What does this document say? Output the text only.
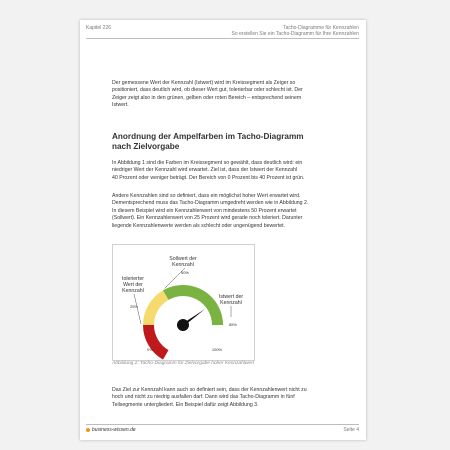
Kapitel 226	Tacho-Diagramme für Kennzahlen
So erstellen Sie ein Tacho-Diagramm für Ihre Kennzahlen
Der gemessene Wert der Kennzahl (Istwert) wird im Kreissegment als Zeiger so
positioniert, dass deutlich wird, ob dieser Wert gut, tolerierbar oder schlecht ist. Der
Zeiger zeigt also in den grünen, gelben oder roten Bereich – entsprechend seinem
Istwert.
Anordnung der Ampelfarben im Tacho-Diagramm
nach Zielvorgabe
In Abbildung 1 sind die Farben im Kreissegment so gewählt, dass deutlich wird: ein
niedriger Wert der Kennzahl wird erwartet. Ziel ist, dass der Istwert der Kennzahl
40 Prozent oder weniger beträgt. Der Bereich von 0 Prozent bis 40 Prozent ist grün.
Andere Kennzahlen sind so definiert, dass ein möglichst hoher Wert erwartet wird.
Dementsprechend muss das Tacho-Diagramm umgedreht werden wie in Abbildung 2.
In diesem Beispiel wird ein Kennzahlenwert von mindestens 50 Prozent erwartet
(Sollwert). Ein Kennzahlenwert von 25 Prozent wird gerade noch toleriert. Darunter
liegende Kennzahlenwerte werden als schlecht oder ungenügend bewertet.
Sollwert der
Kennzahl
50%
tolerierter
Wert der
Kennzahl
25%
Istwert der
Kennzahl
85%
0%	100%
Abbildung 2: Tacho-Diagramm für Zielvorgabe hoher Kennzahlwert
Das Ziel zur Kennzahl kann auch so definiert sein, dass der Kennzahlenwert nicht zu
hoch und nicht zu niedrig ausfallen darf. Dann wird das Tacho-Diagramm in fünf
Teilsegmente untergliedert. Ein Beispiel dafür zeigt Abbildung 3.
business-wissen.de	Seite 4
